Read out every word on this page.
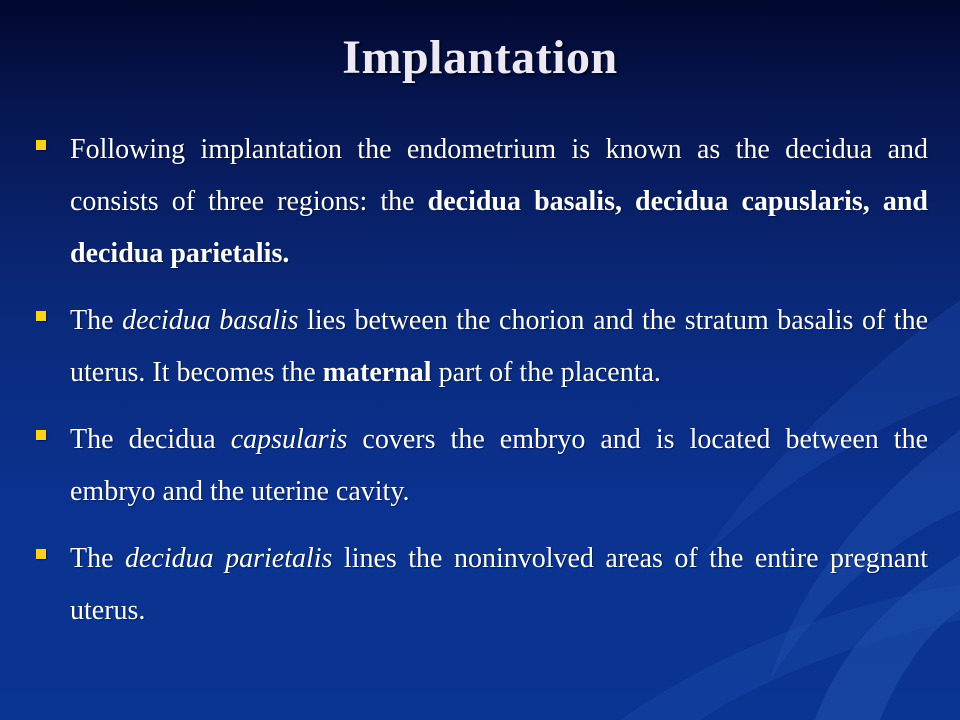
Implantation
Following implantation the endometrium is known as the decidua and consists of three regions: the decidua basalis, decidua capuslaris, and decidua parietalis.
The decidua basalis lies between the chorion and the stratum basalis of the uterus. It becomes the maternal part of the placenta.
The decidua capsularis covers the embryo and is located between the embryo and the uterine cavity.
The decidua parietalis lines the noninvolved areas of the entire pregnant uterus.
